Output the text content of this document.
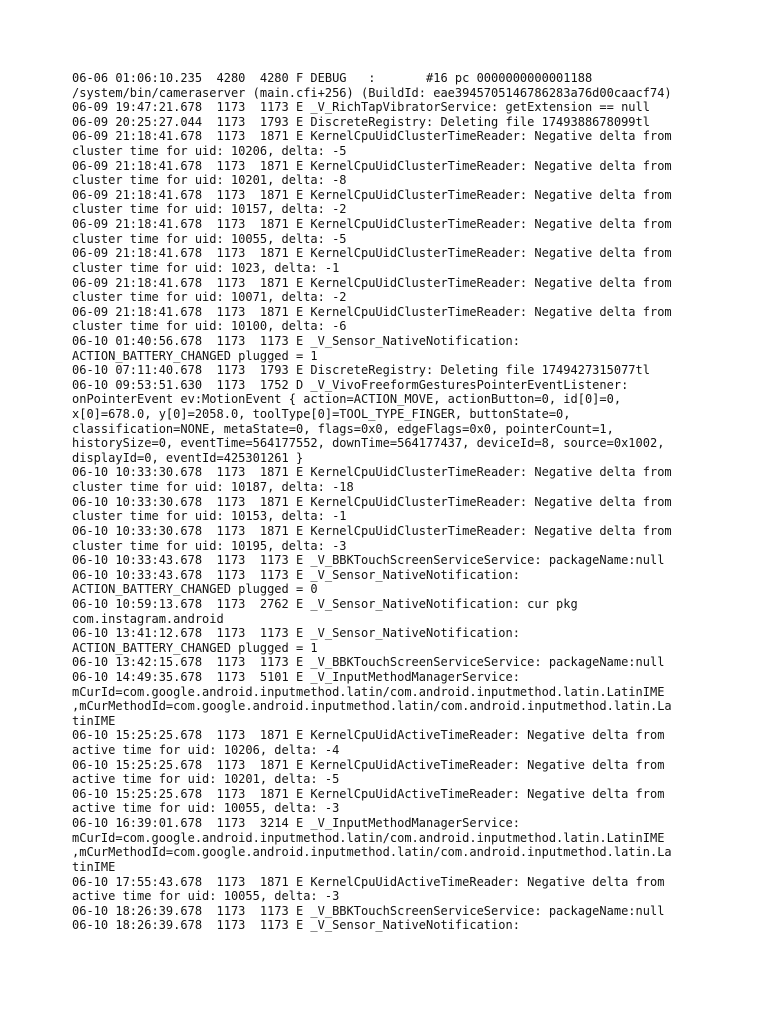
06-06 01:06:10.235  4280  4280 F DEBUG   :       #16 pc 0000000000001188
/system/bin/cameraserver (main.cfi+256) (BuildId: eae3945705146786283a76d00caacf74)
06-09 19:47:21.678  1173  1173 E _V_RichTapVibratorService: getExtension == null
06-09 20:25:27.044  1173  1793 E DiscreteRegistry: Deleting file 1749388678099tl
06-09 21:18:41.678  1173  1871 E KernelCpuUidClusterTimeReader: Negative delta from
cluster time for uid: 10206, delta: -5
06-09 21:18:41.678  1173  1871 E KernelCpuUidClusterTimeReader: Negative delta from
cluster time for uid: 10201, delta: -8
06-09 21:18:41.678  1173  1871 E KernelCpuUidClusterTimeReader: Negative delta from
cluster time for uid: 10157, delta: -2
06-09 21:18:41.678  1173  1871 E KernelCpuUidClusterTimeReader: Negative delta from
cluster time for uid: 10055, delta: -5
06-09 21:18:41.678  1173  1871 E KernelCpuUidClusterTimeReader: Negative delta from
cluster time for uid: 1023, delta: -1
06-09 21:18:41.678  1173  1871 E KernelCpuUidClusterTimeReader: Negative delta from
cluster time for uid: 10071, delta: -2
06-09 21:18:41.678  1173  1871 E KernelCpuUidClusterTimeReader: Negative delta from
cluster time for uid: 10100, delta: -6
06-10 01:40:56.678  1173  1173 E _V_Sensor_NativeNotification:
ACTION_BATTERY_CHANGED plugged = 1
06-10 07:11:40.678  1173  1793 E DiscreteRegistry: Deleting file 1749427315077tl
06-10 09:53:51.630  1173  1752 D _V_VivoFreeformGesturesPointerEventListener:
onPointerEvent ev:MotionEvent { action=ACTION_MOVE, actionButton=0, id[0]=0,
x[0]=678.0, y[0]=2058.0, toolType[0]=TOOL_TYPE_FINGER, buttonState=0,
classification=NONE, metaState=0, flags=0x0, edgeFlags=0x0, pointerCount=1,
historySize=0, eventTime=564177552, downTime=564177437, deviceId=8, source=0x1002,
displayId=0, eventId=425301261 }
06-10 10:33:30.678  1173  1871 E KernelCpuUidClusterTimeReader: Negative delta from
cluster time for uid: 10187, delta: -18
06-10 10:33:30.678  1173  1871 E KernelCpuUidClusterTimeReader: Negative delta from
cluster time for uid: 10153, delta: -1
06-10 10:33:30.678  1173  1871 E KernelCpuUidClusterTimeReader: Negative delta from
cluster time for uid: 10195, delta: -3
06-10 10:33:43.678  1173  1173 E _V_BBKTouchScreenServiceService: packageName:null
06-10 10:33:43.678  1173  1173 E _V_Sensor_NativeNotification:
ACTION_BATTERY_CHANGED plugged = 0
06-10 10:59:13.678  1173  2762 E _V_Sensor_NativeNotification: cur pkg
com.instagram.android
06-10 13:41:12.678  1173  1173 E _V_Sensor_NativeNotification:
ACTION_BATTERY_CHANGED plugged = 1
06-10 13:42:15.678  1173  1173 E _V_BBKTouchScreenServiceService: packageName:null
06-10 14:49:35.678  1173  5101 E _V_InputMethodManagerService:
mCurId=com.google.android.inputmethod.latin/com.android.inputmethod.latin.LatinIME
,mCurMethodId=com.google.android.inputmethod.latin/com.android.inputmethod.latin.La
tinIME
06-10 15:25:25.678  1173  1871 E KernelCpuUidActiveTimeReader: Negative delta from
active time for uid: 10206, delta: -4
06-10 15:25:25.678  1173  1871 E KernelCpuUidActiveTimeReader: Negative delta from
active time for uid: 10201, delta: -5
06-10 15:25:25.678  1173  1871 E KernelCpuUidActiveTimeReader: Negative delta from
active time for uid: 10055, delta: -3
06-10 16:39:01.678  1173  3214 E _V_InputMethodManagerService:
mCurId=com.google.android.inputmethod.latin/com.android.inputmethod.latin.LatinIME
,mCurMethodId=com.google.android.inputmethod.latin/com.android.inputmethod.latin.La
tinIME
06-10 17:55:43.678  1173  1871 E KernelCpuUidActiveTimeReader: Negative delta from
active time for uid: 10055, delta: -3
06-10 18:26:39.678  1173  1173 E _V_BBKTouchScreenServiceService: packageName:null
06-10 18:26:39.678  1173  1173 E _V_Sensor_NativeNotification:
